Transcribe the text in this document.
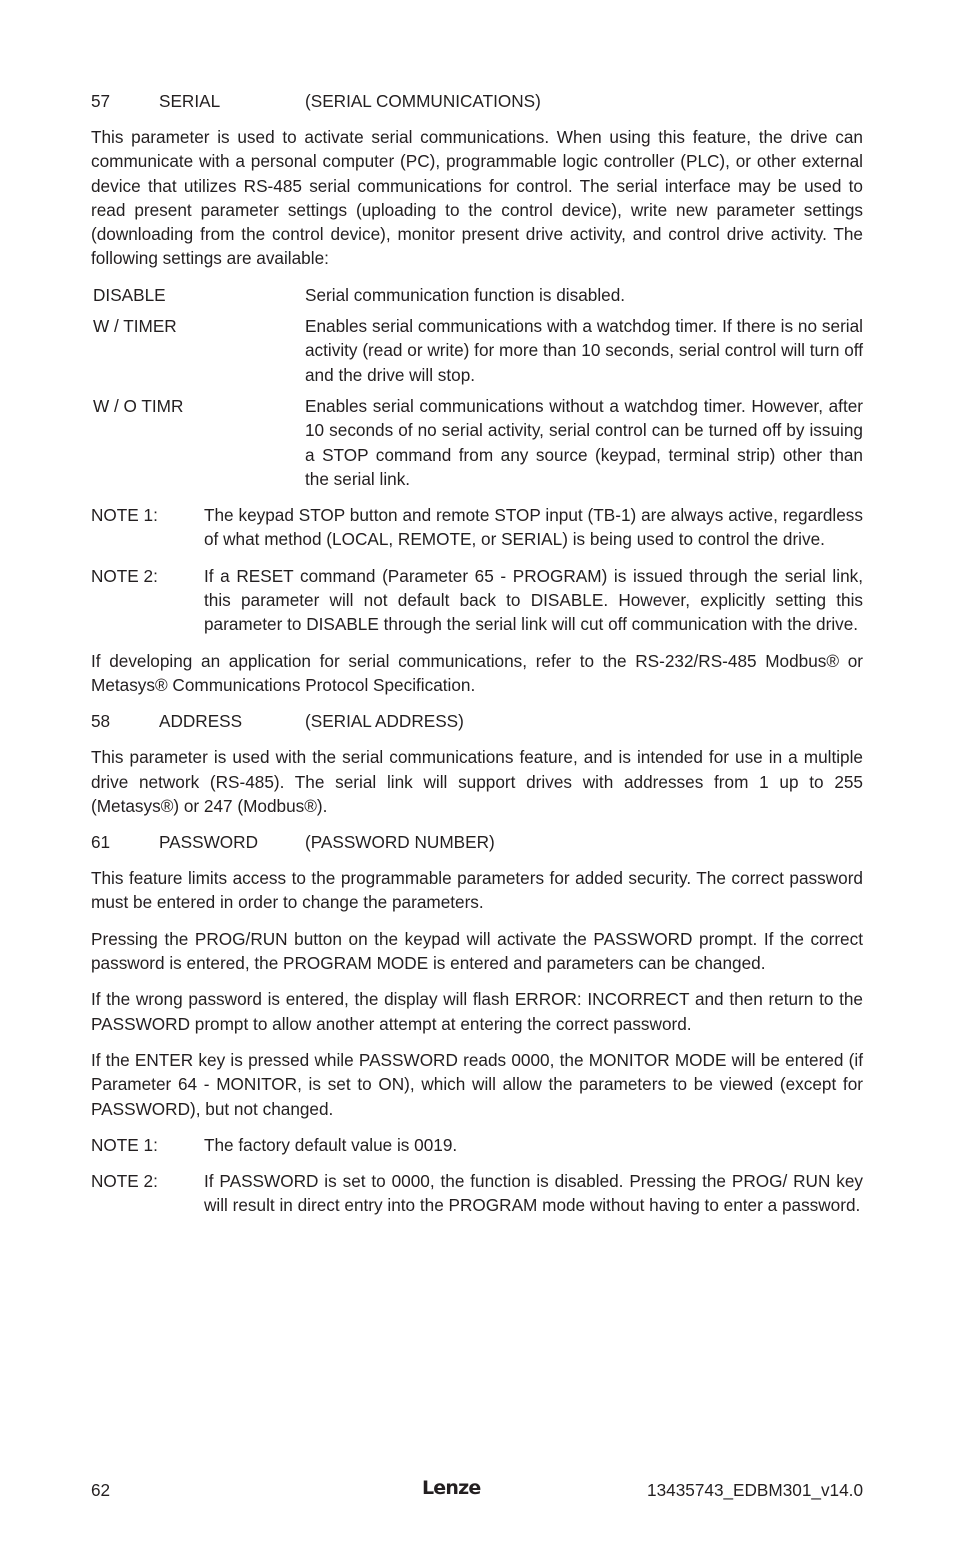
57	SERIAL	(SERIAL COMMUNICATIONS)

This parameter is used to activate serial communications. When using this feature, the drive can communicate with a personal computer (PC), programmable logic controller (PLC), or other external device that utilizes RS-485 serial communications for control. The serial interface may be used to read present parameter settings (uploading to the control device), write new parameter settings (downloading from the control device), monitor present drive activity, and control drive activity. The following settings are available:

DISABLE	Serial communication function is disabled.
W / TIMER	Enables serial communications with a watchdog timer. If there is no serial activity (read or write) for more than 10 seconds, serial control will turn off and the drive will stop.
W / O TIMR	Enables serial communications without a watchdog timer. However, after 10 seconds of no serial activity, serial control can be turned off by issuing a STOP command from any source (keypad, terminal strip) other than the serial link.
NOTE 1:	The keypad STOP button and remote STOP input (TB-1) are always active, regardless of what method (LOCAL, REMOTE, or SERIAL) is being used to control the drive.
NOTE 2:	If a RESET command (Parameter 65 - PROGRAM) is issued through the serial link, this parameter will not default back to DISABLE. However, explicitly setting this parameter to DISABLE through the serial link will cut off communication with the drive.

If developing an application for serial communications, refer to the RS-232/RS-485 Modbus® or Metasys® Communications Protocol Specification.

58	ADDRESS	(SERIAL ADDRESS)

This parameter is used with the serial communications feature, and is intended for use in a multiple drive network (RS-485). The serial link will support drives with addresses from 1 up to 255 (Metasys®) or 247 (Modbus®).

61	PASSWORD	(PASSWORD NUMBER)

This feature limits access to the programmable parameters for added security. The correct password must be entered in order to change the parameters.

Pressing the PROG/RUN button on the keypad will activate the PASSWORD prompt. If the correct password is entered, the PROGRAM MODE is entered and parameters can be changed.

If the wrong password is entered, the display will flash ERROR: INCORRECT and then return to the PASSWORD prompt to allow another attempt at entering the correct password.

If the ENTER key is pressed while PASSWORD reads 0000, the MONITOR MODE will be entered (if Parameter 64 - MONITOR, is set to ON), which will allow the parameters to be viewed (except for PASSWORD), but not changed.

NOTE 1:	The factory default value is 0019.
NOTE 2:	If PASSWORD is set to 0000, the function is disabled. Pressing the PROG/ RUN key will result in direct entry into the PROGRAM mode without having to enter a password.
62	Lenze	13435743_EDBM301_v14.0
